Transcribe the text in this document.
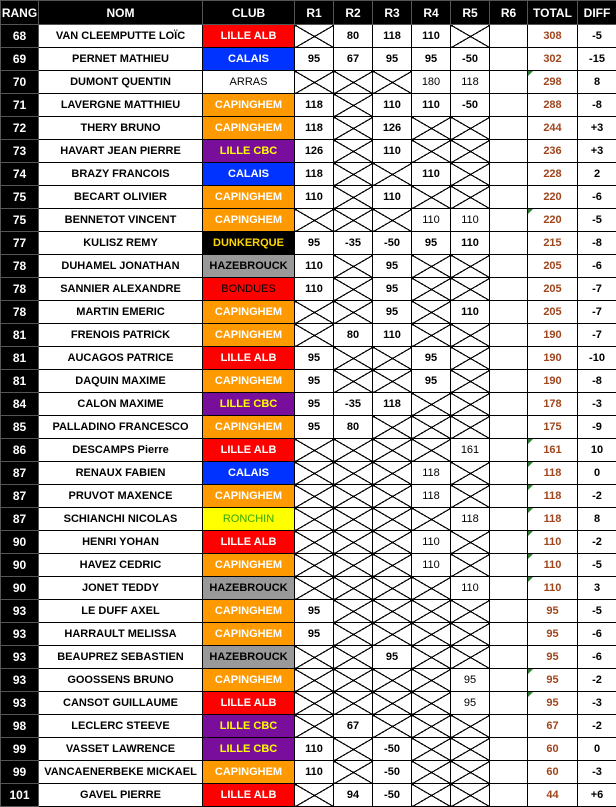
RANG	NOM	CLUB	R1	R2	R3	R4	R5	R6	TOTAL	DIFF
68	VAN CLEEMPUTTE LOÏC	LILLE ALB		80	118	110			308	-5
69	PERNET MATHIEU	CALAIS	95	67	95	95	-50		302	-15
70	DUMONT QUENTIN	ARRAS				180	118		298	8
71	LAVERGNE MATTHIEU	CAPINGHEM	118		110	110	-50		288	-8
72	THERY BRUNO	CAPINGHEM	118		126				244	+3
73	HAVART JEAN PIERRE	LILLE CBC	126		110				236	+3
74	BRAZY FRANCOIS	CALAIS	118			110			228	2
75	BECART OLIVIER	CAPINGHEM	110		110				220	-6
75	BENNETOT VINCENT	CAPINGHEM				110	110		220	-5
77	KULISZ REMY	DUNKERQUE	95	-35	-50	95	110		215	-8
78	DUHAMEL JONATHAN	HAZEBROUCK	110		95				205	-6
78	SANNIER ALEXANDRE	BONDUES	110		95				205	-7
78	MARTIN EMERIC	CAPINGHEM			95		110		205	-7
81	FRENOIS PATRICK	CAPINGHEM		80	110				190	-7
81	AUCAGOS PATRICE	LILLE ALB	95			95			190	-10
81	DAQUIN MAXIME	CAPINGHEM	95			95			190	-8
84	CALON MAXIME	LILLE CBC	95	-35	118				178	-3
85	PALLADINO FRANCESCO	CAPINGHEM	95	80					175	-9
86	DESCAMPS Pierre	LILLE ALB					161		161	10
87	RENAUX FABIEN	CALAIS				118			118	0
87	PRUVOT MAXENCE	CAPINGHEM				118			118	-2
87	SCHIANCHI NICOLAS	RONCHIN					118		118	8
90	HENRI YOHAN	LILLE ALB				110			110	-2
90	HAVEZ CEDRIC	CAPINGHEM				110			110	-5
90	JONET TEDDY	HAZEBROUCK					110		110	3
93	LE DUFF AXEL	CAPINGHEM	95						95	-5
93	HARRAULT MELISSA	CAPINGHEM	95						95	-6
93	BEAUPREZ SEBASTIEN	HAZEBROUCK			95				95	-6
93	GOOSSENS BRUNO	CAPINGHEM					95		95	-2
93	CANSOT GUILLAUME	LILLE ALB					95		95	-3
98	LECLERC STEEVE	LILLE CBC		67					67	-2
99	VASSET LAWRENCE	LILLE CBC	110		-50				60	0
99	VANCAENERBEKE MICKAEL	CAPINGHEM	110		-50				60	-3
101	GAVEL PIERRE	LILLE ALB		94	-50				44	+6
